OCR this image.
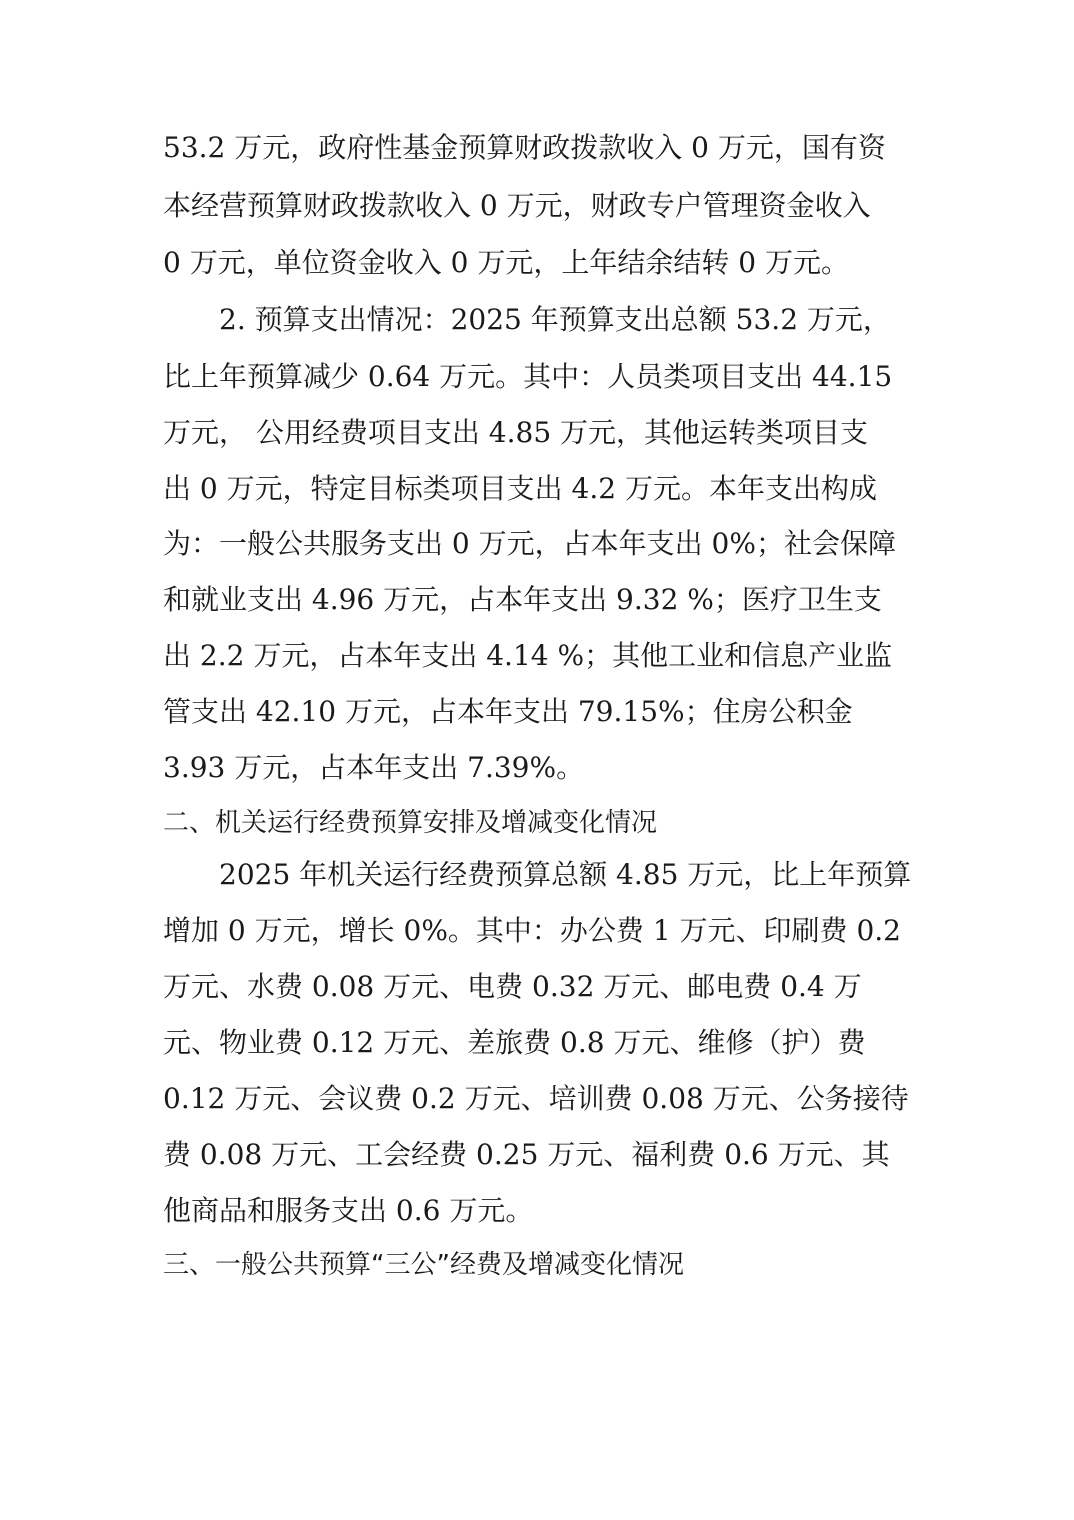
53.2 万元，政府性基金预算财政拨款收入 0 万元，国有资
本经营预算财政拨款收入 0 万元，财政专户管理资金收入
0 万元，单位资金收入 0 万元，上年结余结转 0 万元。
2. 预算支出情况：2025 年预算支出总额 53.2 万元，
比上年预算减少 0.64 万元。其中：人员类项目支出 44.15
万元， 公用经费项目支出 4.85 万元，其他运转类项目支
出 0 万元，特定目标类项目支出 4.2 万元。本年支出构成
为：一般公共服务支出 0 万元，占本年支出 0%；社会保障
和就业支出 4.96 万元，占本年支出 9.32 %；医疗卫生支
出 2.2 万元，占本年支出 4.14 %；其他工业和信息产业监
管支出 42.10 万元，占本年支出 79.15%；住房公积金
3.93 万元，占本年支出 7.39%。
二、机关运行经费预算安排及增减变化情况
2025 年机关运行经费预算总额 4.85 万元，比上年预算
增加 0 万元，增长 0%。其中：办公费 1 万元、印刷费 0.2
万元、水费 0.08 万元、电费 0.32 万元、邮电费 0.4 万
元、物业费 0.12 万元、差旅费 0.8 万元、维修（护）费
0.12 万元、会议费 0.2 万元、培训费 0.08 万元、公务接待
费 0.08 万元、工会经费 0.25 万元、福利费 0.6 万元、其
他商品和服务支出 0.6 万元。
三、一般公共预算“三公”经费及增减变化情况
